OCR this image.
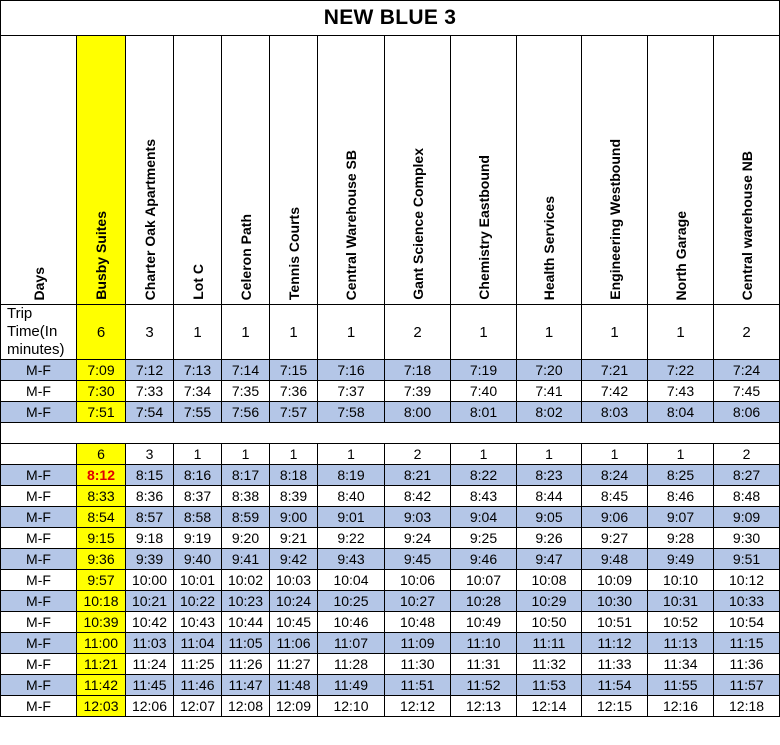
NEW BLUE 3												

Days	Busby Suites	Charter Oak Apartments	Lot C	Celeron Path	Tennis Courts	Central Warehouse SB	Gant Science Complex	Chemistry Eastbound	Health Services	Engineering Westbound	North Garage	Central warehouse NB

Trip Time(In minutes)	6	3	1	1	1	1	2	1	1	1	1	2
M-F	7:09	7:12	7:13	7:14	7:15	7:16	7:18	7:19	7:20	7:21	7:22	7:24
M-F	7:30	7:33	7:34	7:35	7:36	7:37	7:39	7:40	7:41	7:42	7:43	7:45
M-F	7:51	7:54	7:55	7:56	7:57	7:58	8:00	8:01	8:02	8:03	8:04	8:06

	6	3	1	1	1	1	2	1	1	1	1	2
M-F	8:12	8:15	8:16	8:17	8:18	8:19	8:21	8:22	8:23	8:24	8:25	8:27
M-F	8:33	8:36	8:37	8:38	8:39	8:40	8:42	8:43	8:44	8:45	8:46	8:48
M-F	8:54	8:57	8:58	8:59	9:00	9:01	9:03	9:04	9:05	9:06	9:07	9:09
M-F	9:15	9:18	9:19	9:20	9:21	9:22	9:24	9:25	9:26	9:27	9:28	9:30
M-F	9:36	9:39	9:40	9:41	9:42	9:43	9:45	9:46	9:47	9:48	9:49	9:51
M-F	9:57	10:00	10:01	10:02	10:03	10:04	10:06	10:07	10:08	10:09	10:10	10:12
M-F	10:18	10:21	10:22	10:23	10:24	10:25	10:27	10:28	10:29	10:30	10:31	10:33
M-F	10:39	10:42	10:43	10:44	10:45	10:46	10:48	10:49	10:50	10:51	10:52	10:54
M-F	11:00	11:03	11:04	11:05	11:06	11:07	11:09	11:10	11:11	11:12	11:13	11:15
M-F	11:21	11:24	11:25	11:26	11:27	11:28	11:30	11:31	11:32	11:33	11:34	11:36
M-F	11:42	11:45	11:46	11:47	11:48	11:49	11:51	11:52	11:53	11:54	11:55	11:57
M-F	12:03	12:06	12:07	12:08	12:09	12:10	12:12	12:13	12:14	12:15	12:16	12:18
